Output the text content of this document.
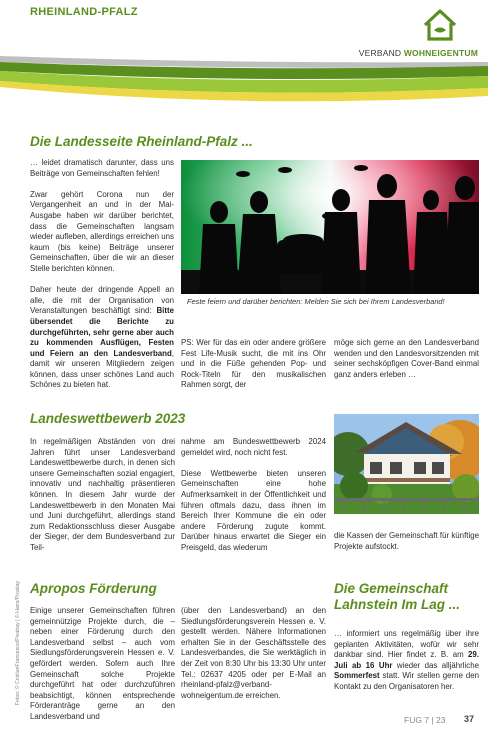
RHEINLAND-PFALZ
VERBAND WOHNEIGENTUM
Die Landesseite Rheinland-Pfalz ...

… leidet dramatisch darunter, dass uns Beiträge von Gemeinschaften fehlen!

Zwar gehört Corona nun der Vergangenheit an und in der Mai-Ausgabe haben wir darüber berichtet, dass die Gemeinschaften langsam wieder aufleben, allerdings erreichen uns kaum (bis keine) Beiträge unserer Gemeinschaften, über die wir an dieser Stelle berichten können.

Daher heute der dringende Appell an alle, die mit der Organisation von Veranstaltungen beschäftigt sind: Bitte übersendet die Berichte zu durchgeführten, sehr gerne aber auch zu kommenden Ausflügen, Festen und Feiern an den Landesverband, damit wir unseren Mitgliedern zeigen können, dass unser schönes Land auch Schönes zu bieten hat.

Feste feiern und darüber berichten: Melden Sie sich bei Ihrem Landesverband!
PS: Wer für das ein oder andere größere Fest Life-Musik sucht, die mit ins Ohr und in die Füße gehenden Pop- und Rock-Titeln für den musikalischen Rahmen sorgt, der
möge sich gerne an den Landesverband wenden und den Landesvorsitzenden mit seiner sechsköpfigen Cover-Band einmal ganz anders erleben …
Landeswettbewerb 2023
In regelmäßigen Abständen von drei Jahren führt unser Landesverband Landeswettbewerbe durch, in denen sich unsere Gemeinschaften sozial engagiert, innovativ und nachhaltig präsentieren können. In diesem Jahr wurde der Landeswettbewerb in den Monaten Mai und Juni durchgeführt, allerdings stand zum Redaktionsschluss dieser Ausgabe der Sieger, der dem Bundesverband zur Teil-

nahme am Bundeswettbewerb 2024 gemeldet wird, noch nicht fest.

Diese Wettbewerbe bieten unseren Gemeinschaften eine hohe Aufmerksamkeit in der Öffentlichkeit und führen oftmals dazu, dass ihnen im Bereich Ihrer Kommune die ein oder andere Förderung zugute kommt. Darüber hinaus erwartet die Sieger ein Preisgeld, das wiederum

die Kassen der Gemeinschaft für künftige Projekte aufstockt.
Apropos Förderung
Einige unserer Gemeinschaften führen gemeinnützige Projekte durch, die – neben einer Förderung durch den Landesverband selbst – auch vom Siedlungsförderungsverein Hessen e. V. gefördert werden. Sofern auch Ihre Gemeinschaft solche Projekte durchgeführt hat oder durchzuführen beabsichtigt, können entsprechende Förderanträge gerne an den Landesverband und
(über den Landesverband) an den Siedlungsförderungsverein Hessen e. V. gestellt werden. Nähere Informationen erhalten Sie in der Geschäftsstelle des Landesverbandes, die Sie werktäglich in der Zeit von 8:30 Uhr bis 13:30 Uhr unter Tel.: 02637 4205 oder per E-Mail an rheinland-pfalz@verband-wohneigentum.de erreichen.
Die Gemeinschaft
Lahnstein Im Lag ...
… informiert uns regelmäßig über ihre geplanten Aktivitäten, wofür wir sehr dankbar sind. Hier findet z. B. am 29. Juli ab 16 Uhr wieder das alljährliche Sommerfest statt. Wir stellen gerne den Kontakt zu den Organisatoren her.
Fotos: © CristianFrancesco/Pixabay | © Hans/Pixabay
FUG 7 | 23 37
